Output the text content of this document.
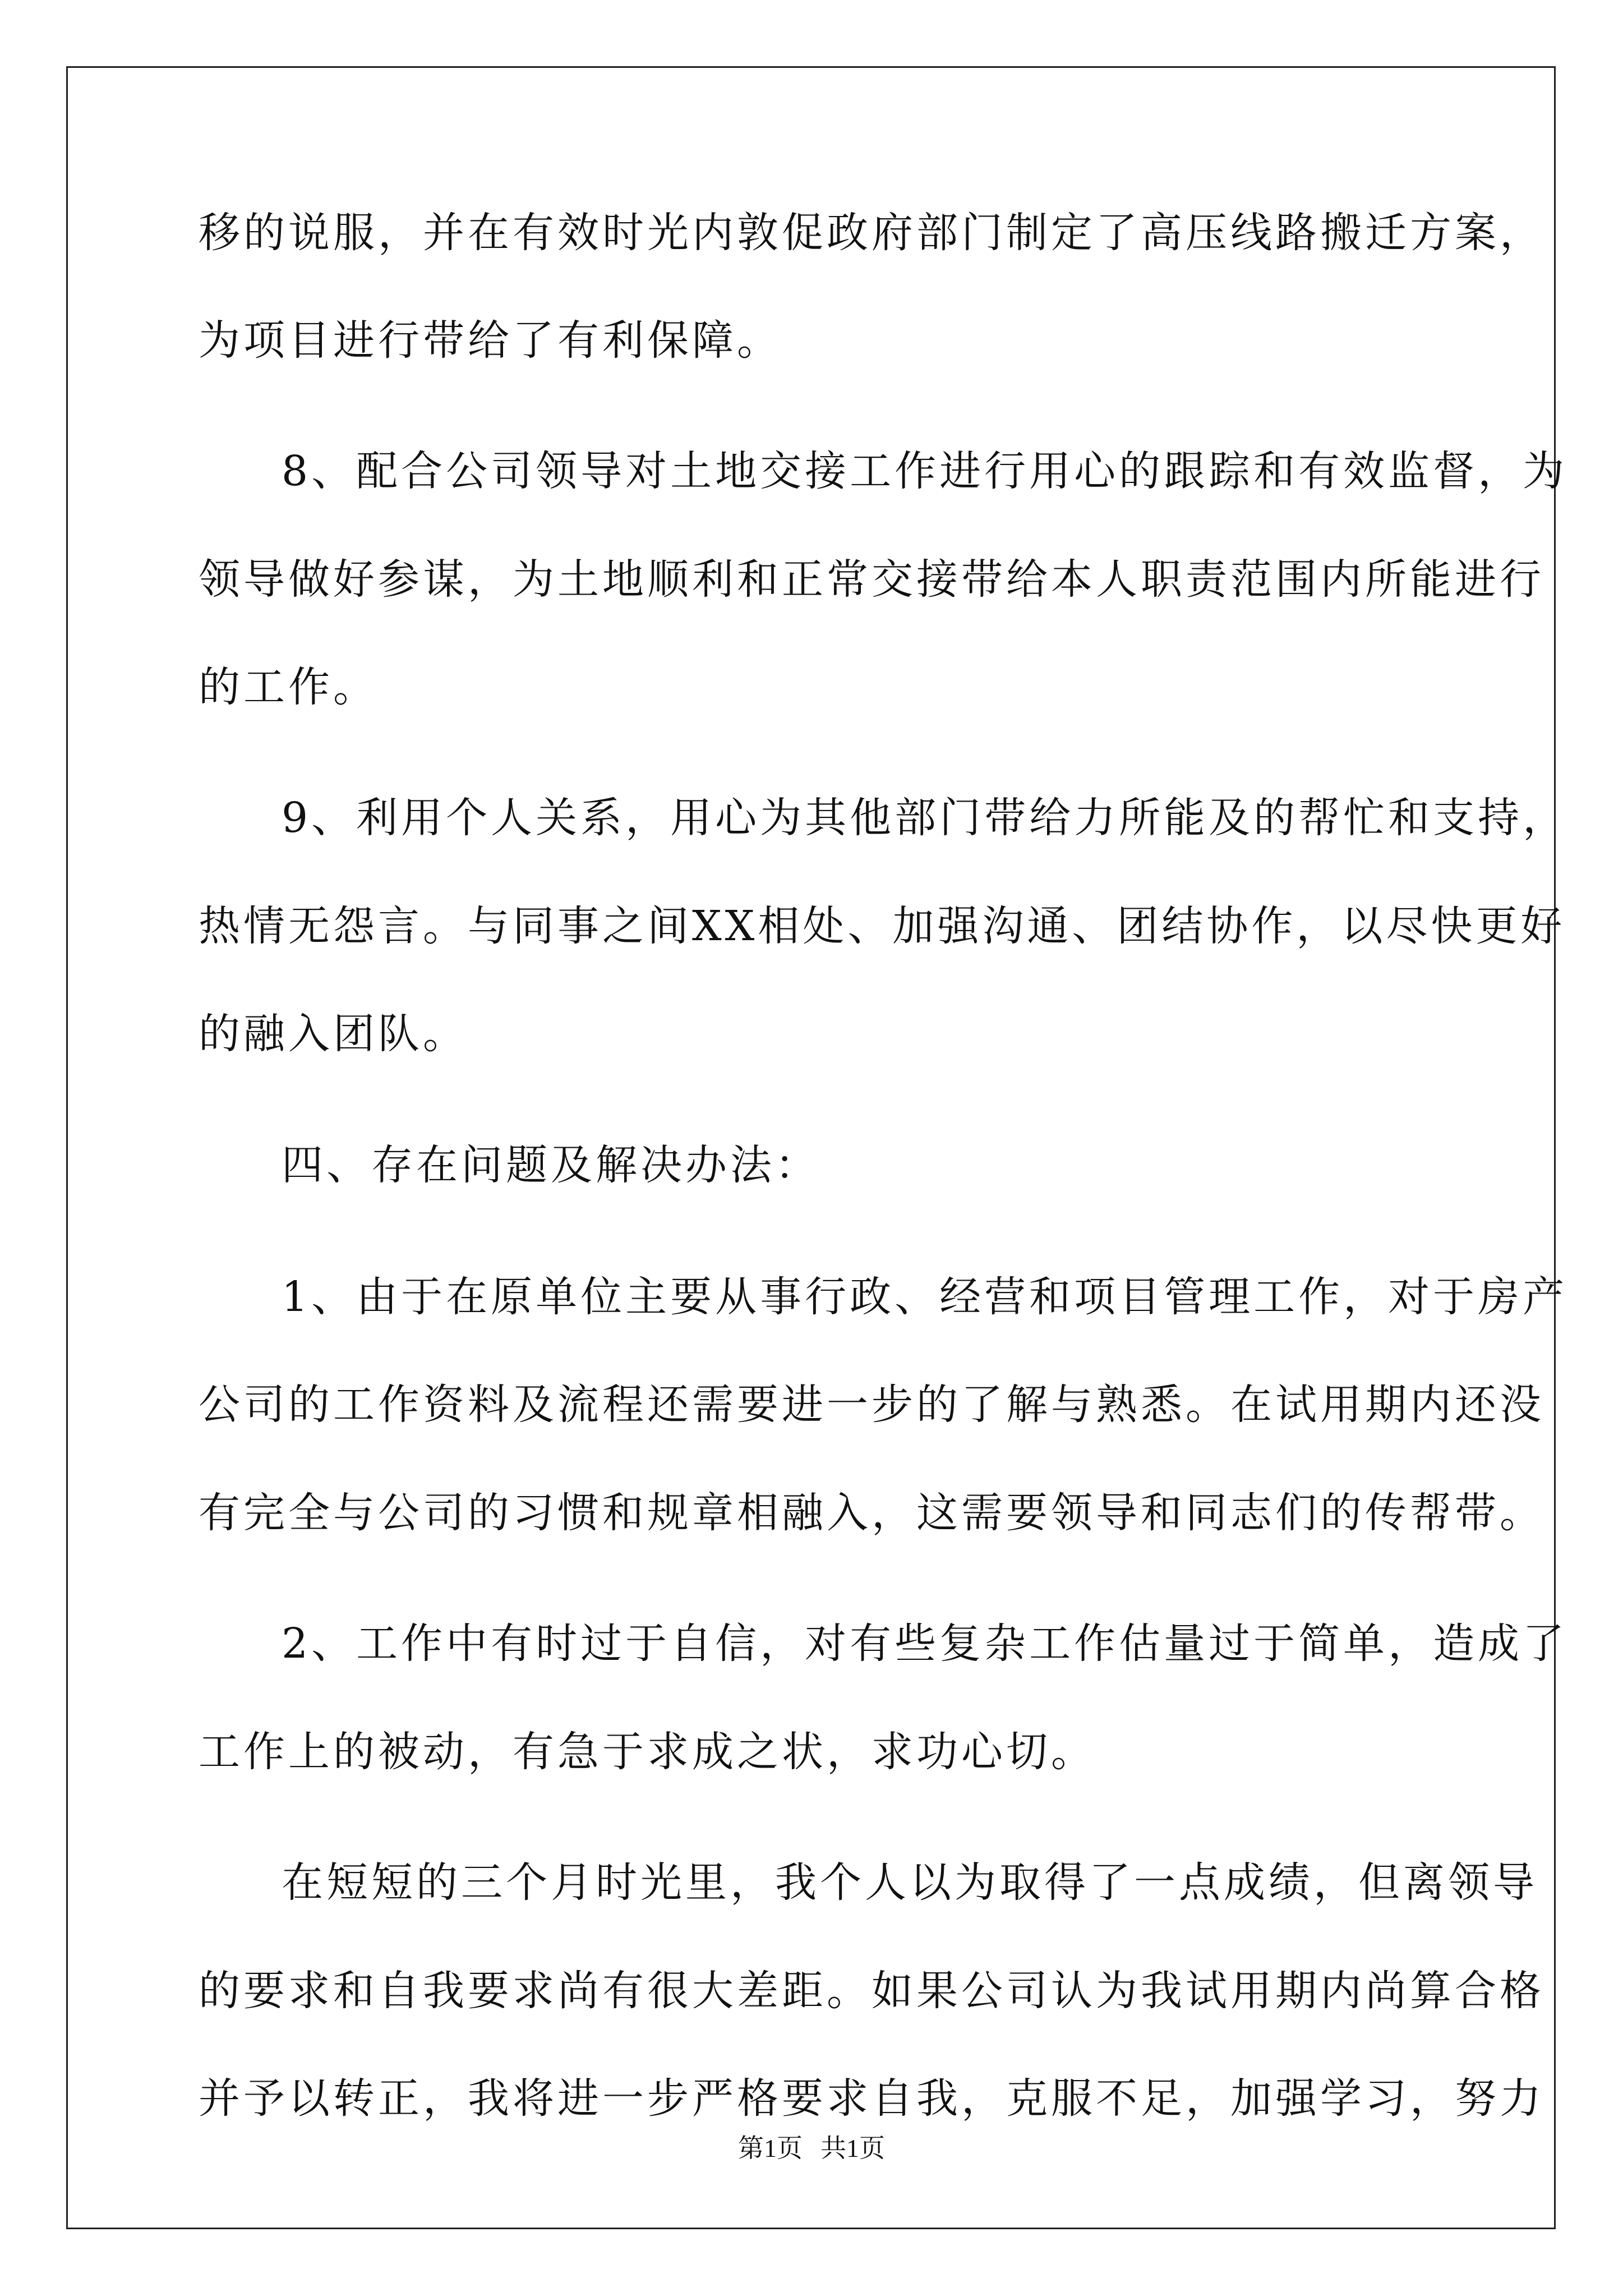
移的说服，并在有效时光内敦促政府部门制定了高压线路搬迁方案，
为项目进行带给了有利保障。
8、配合公司领导对土地交接工作进行用心的跟踪和有效监督，为
领导做好参谋，为土地顺利和正常交接带给本人职责范围内所能进行
的工作。
9、利用个人关系，用心为其他部门带给力所能及的帮忙和支持，
热情无怨言。与同事之间XX相处、加强沟通、团结协作，以尽快更好
的融入团队。
四、存在问题及解决办法：
1、由于在原单位主要从事行政、经营和项目管理工作，对于房产
公司的工作资料及流程还需要进一步的了解与熟悉。在试用期内还没
有完全与公司的习惯和规章相融入，这需要领导和同志们的传帮带。
2、工作中有时过于自信，对有些复杂工作估量过于简单，造成了
工作上的被动，有急于求成之状，求功心切。
在短短的三个月时光里，我个人以为取得了一点成绩，但离领导
的要求和自我要求尚有很大差距。如果公司认为我试用期内尚算合格
并予以转正，我将进一步严格要求自我，克服不足，加强学习，努力
第1页 共1页
